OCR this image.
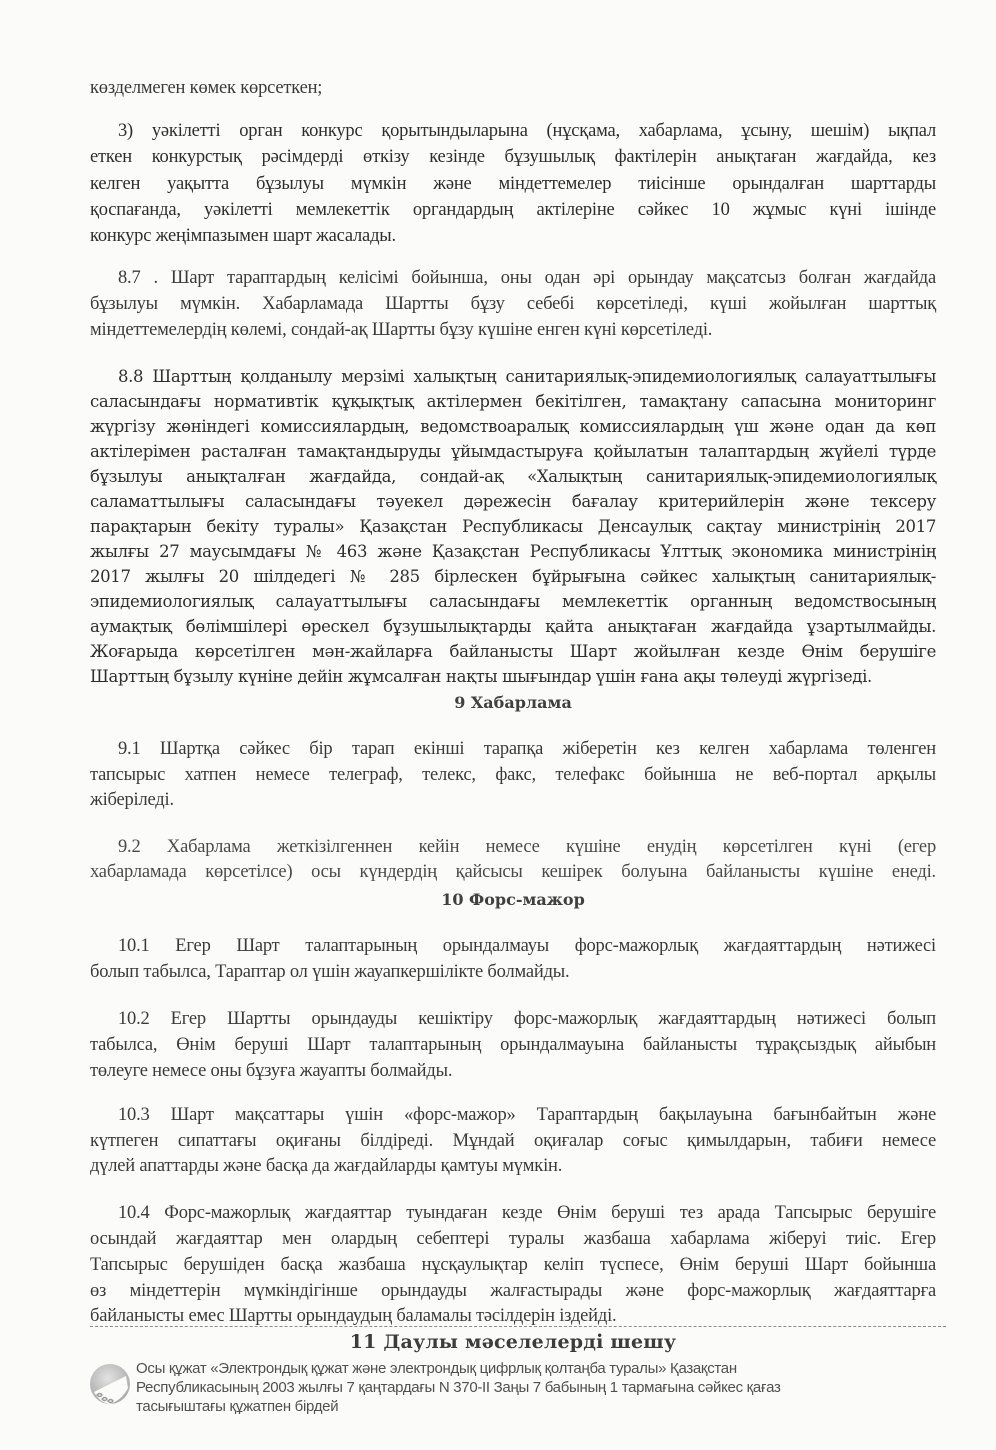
көзделмеген көмек көрсеткен;
3) уәкілетті орган конкурс қорытындыларына (нұсқама, хабарлама, ұсыну, шешім) ықпал
еткен конкурстық рәсімдерді өткізу кезінде бұзушылық фактілерін анықтаған жағдайда, кез
келген уақытта бұзылуы мүмкін және міндеттемелер тиісінше орындалған шарттарды
қоспағанда, уәкілетті мемлекеттік органдардың актілеріне сәйкес 10 жұмыс күні ішінде
конкурс жеңімпазымен шарт жасалады.
8.7 . Шарт тараптардың келісімі бойынша, оны одан әрі орындау мақсатсыз болған жағдайда
бұзылуы мүмкін. Хабарламада Шартты бұзу себебі көрсетіледі, күші жойылған шарттық
міндеттемелердің көлемі, сондай-ақ Шартты бұзу күшіне енген күні көрсетіледі.
8.8 Шарттың қолданылу мерзімі халықтың санитариялық-эпидемиологиялық салауаттылығы
саласындағы нормативтік құқықтық актілермен бекітілген, тамақтану сапасына мониторинг
жүргізу жөніндегі комиссиялардың, ведомствоаралық комиссиялардың үш және одан да көп
актілерімен расталған тамақтандыруды ұйымдастыруға қойылатын талаптардың жүйелі түрде
бұзылуы анықталған жағдайда, сондай-ақ «Халықтың санитариялық-эпидемиологиялық
саламаттылығы саласындағы тәуекел дәрежесін бағалау критерийлерін және тексеру
парақтарын бекіту туралы» Қазақстан Республикасы Денсаулық сақтау министрінің 2017
жылғы 27 маусымдағы № 463 және Қазақстан Республикасы Ұлттық экономика министрінің
2017 жылғы 20 шілдедегі № 285 бірлескен бұйрығына сәйкес халықтың санитариялық-
эпидемиологиялық салауаттылығы саласындағы мемлекеттік органның ведомствосының
аумақтық бөлімшілері өрескел бұзушылықтарды қайта анықтаған жағдайда ұзартылмайды.
Жоғарыда көрсетілген мән-жайларға байланысты Шарт жойылған кезде Өнім берушіге
Шарттың бұзылу күніне дейін жұмсалған нақты шығындар үшін ғана ақы төлеуді жүргізеді.
9 Хабарлама
9.1 Шартқа сәйкес бір тарап екінші тарапқа жіберетін кез келген хабарлама төленген
тапсырыс хатпен немесе телеграф, телекс, факс, телефакс бойынша не веб-портал арқылы
жіберіледі.
9.2 Хабарлама жеткізілгеннен кейін немесе күшіне енудің көрсетілген күні (егер
хабарламада көрсетілсе) осы күндердің қайсысы кешірек болуына байланысты күшіне енеді.
10 Форс-мажор
10.1 Егер Шарт талаптарының орындалмауы форс-мажорлық жағдаяттардың нәтижесі
болып табылса, Тараптар ол үшін жауапкершілікте болмайды.
10.2 Егер Шартты орындауды кешіктіру форс-мажорлық жағдаяттардың нәтижесі болып
табылса, Өнім беруші Шарт талаптарының орындалмауына байланысты тұрақсыздық айыбын
төлеуге немесе оны бұзуға жауапты болмайды.
10.3 Шарт мақсаттары үшін «форс-мажор» Тараптардың бақылауына бағынбайтын және
күтпеген сипаттағы оқиғаны білдіреді. Мұндай оқиғалар соғыс қимылдарын, табиғи немесе
дүлей апаттарды және басқа да жағдайларды қамтуы мүмкін.
10.4 Форс-мажорлық жағдаяттар туындаған кезде Өнім беруші тез арада Тапсырыс берушіге
осындай жағдаяттар мен олардың себептері туралы жазбаша хабарлама жіберуі тиіс. Егер
Тапсырыс берушіден басқа жазбаша нұсқаулықтар келіп түспесе, Өнім беруші Шарт бойынша
өз міндеттерін мүмкіндігінше орындауды жалғастырады және форс-мажорлық жағдаяттарға
байланысты емес Шартты орындаудың баламалы тәсілдерін іздейді.
11 Даулы мәселелерді шешу
Осы құжат «Электрондық құжат және электрондық цифрлық қолтаңба туралы» Қазақстан
Республикасының 2003 жылғы 7 қаңтардағы N 370-II Заңы 7 бабының 1 тармағына сәйкес қағаз
тасығыштағы құжатпен бірдей
